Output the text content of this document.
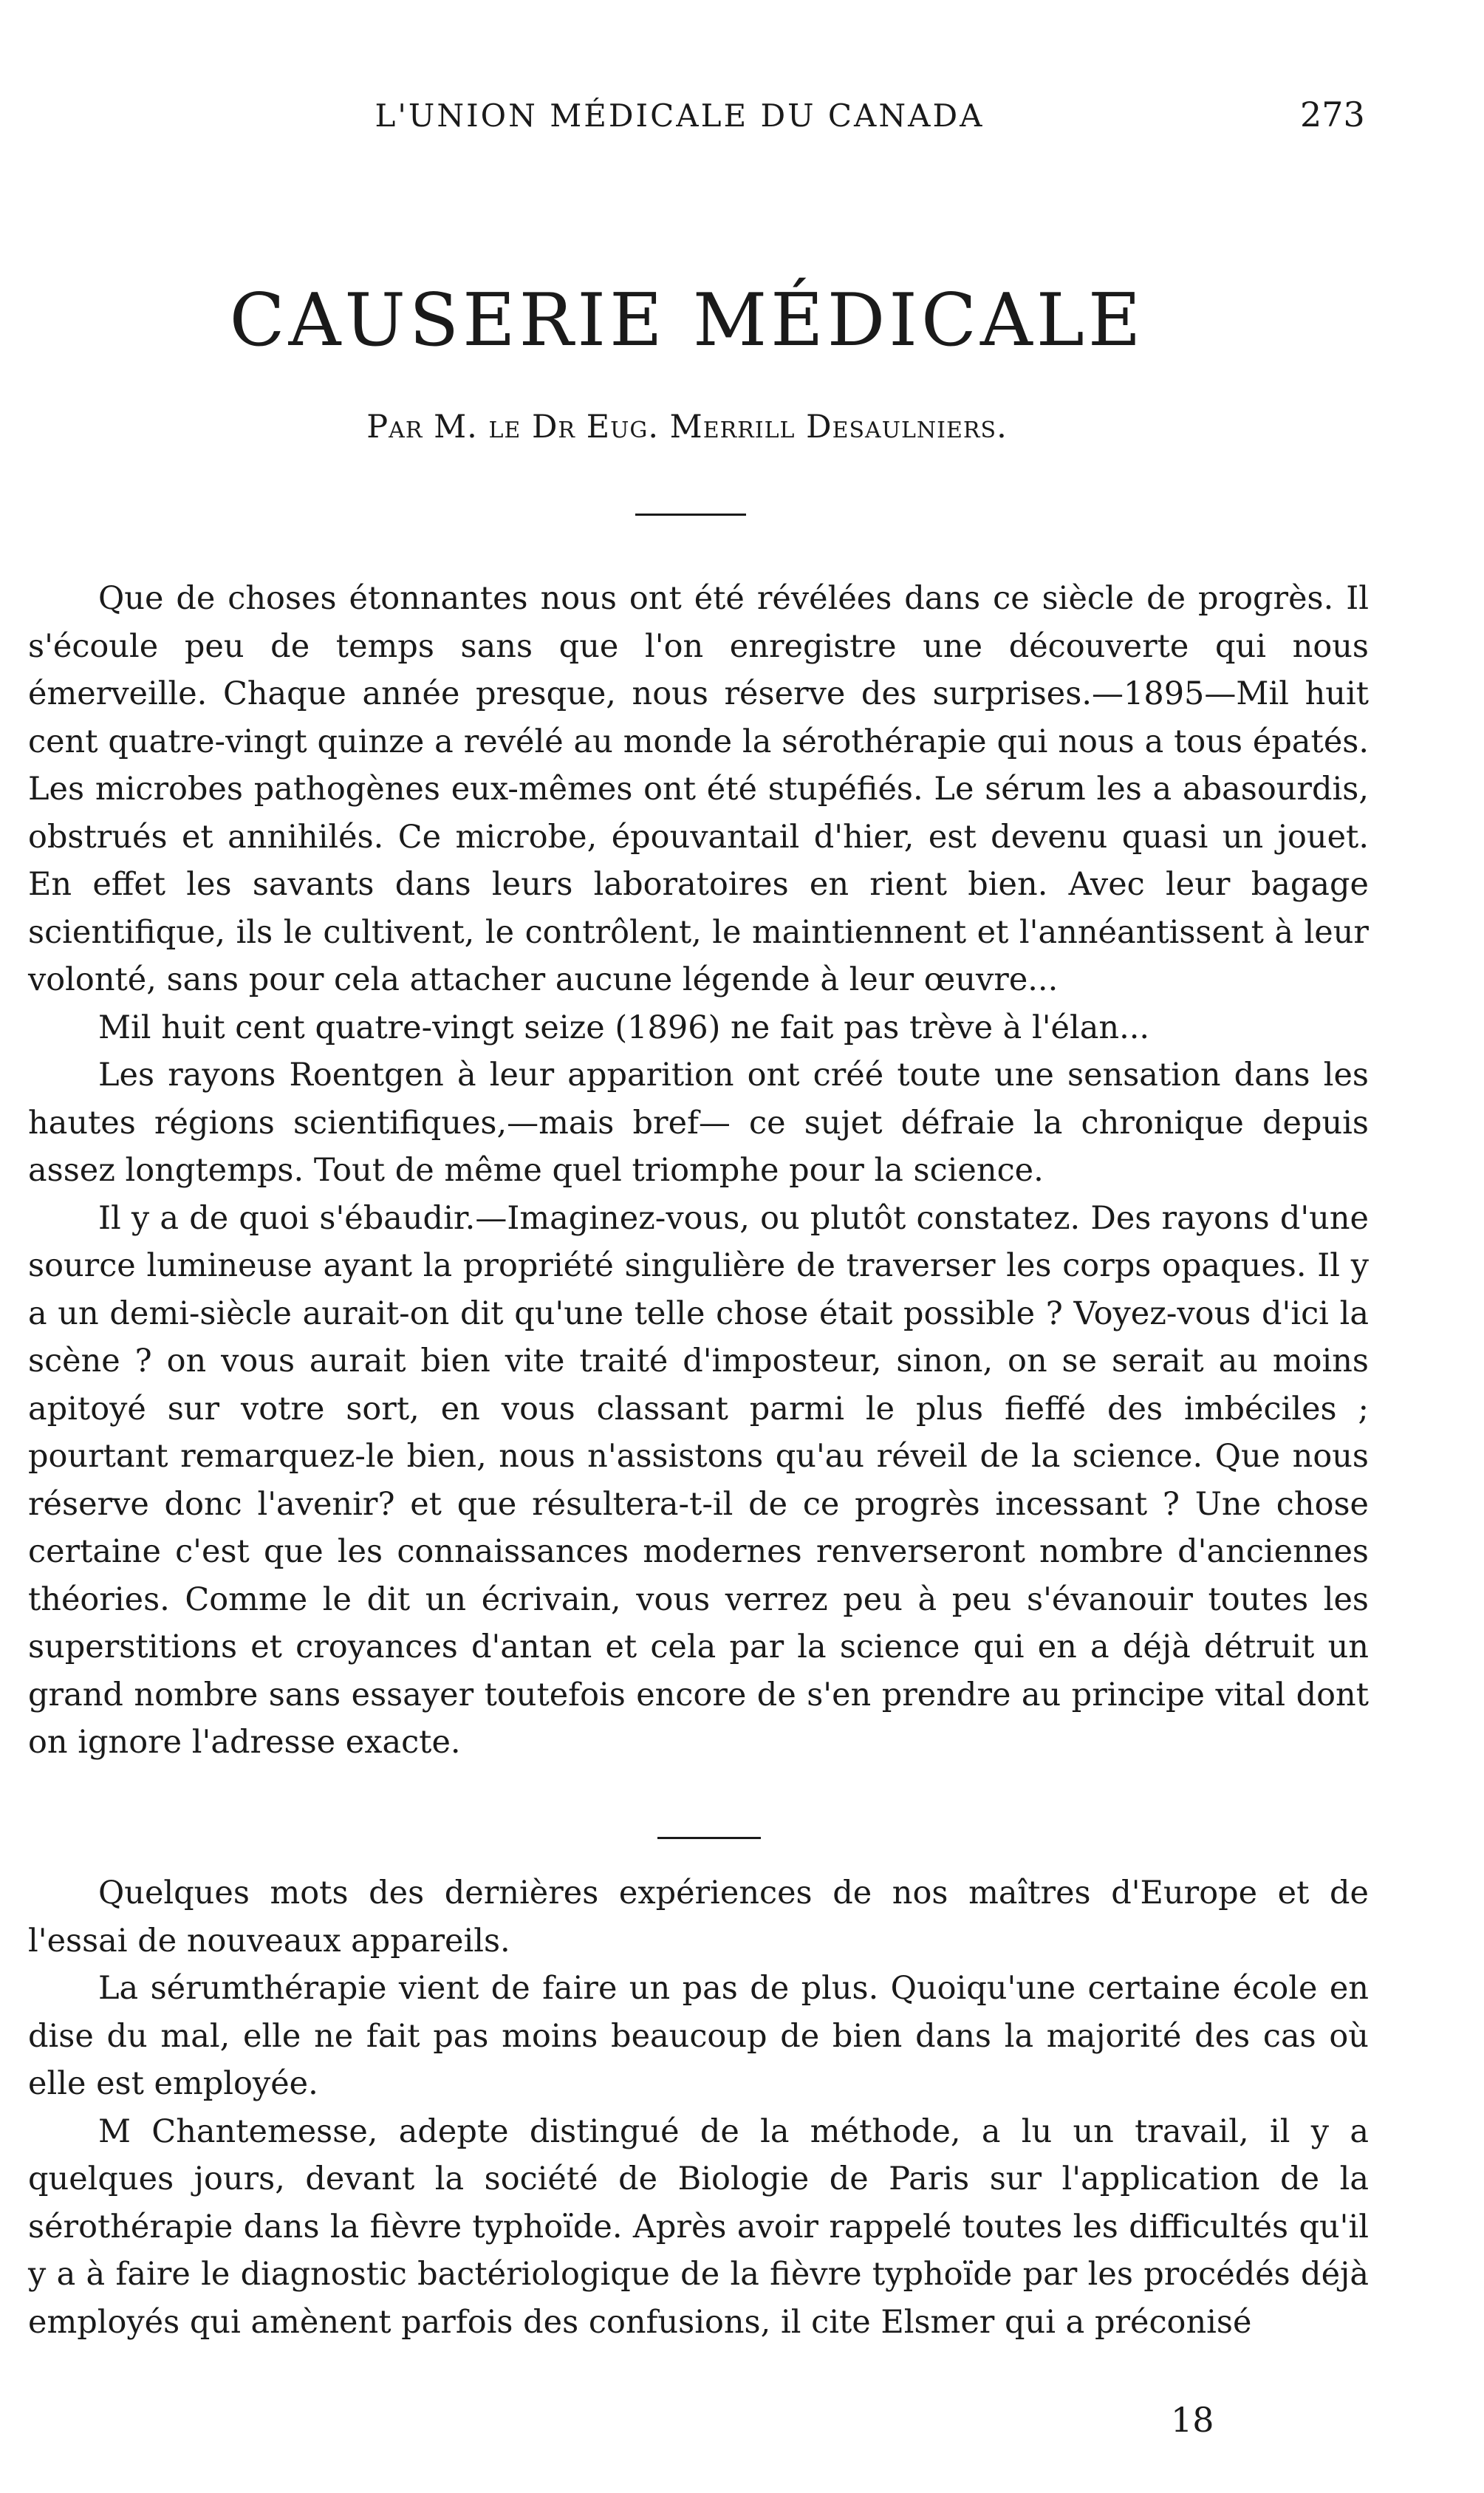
L'UNION MÉDICALE DU CANADA	273
CAUSERIE MÉDICALE
Par M. le Dr Eug. Merrill Desaulniers.

Que de choses étonnantes nous ont été révélées dans ce siècle de progrès. Il s'écoule peu de temps sans que l'on enregistre une découverte qui nous émerveille. Chaque année presque, nous réserve des surprises.—1895—Mil huit cent quatre-vingt quinze a revélé au monde la sérothérapie qui nous a tous épatés. Les microbes pathogènes eux-mêmes ont été stupéfiés. Le sérum les a abasourdis, obstrués et annihilés. Ce microbe, épouvantail d'hier, est devenu quasi un jouet. En effet les savants dans leurs laboratoires en rient bien. Avec leur bagage scientifique, ils le cultivent, le contrôlent, le maintiennent et l'annéantissent à leur volonté, sans pour cela attacher aucune légende à leur œuvre...

Mil huit cent quatre-vingt seize (1896) ne fait pas trève à l'élan...

Les rayons Roentgen à leur apparition ont créé toute une sensation dans les hautes régions scientifiques,—mais bref— ce sujet défraie la chronique depuis assez longtemps. Tout de même quel triomphe pour la science.

Il y a de quoi s'ébaudir.—Imaginez-vous, ou plutôt constatez. Des rayons d'une source lumineuse ayant la propriété singulière de traverser les corps opaques. Il y a un demi-siècle aurait-on dit qu'une telle chose était possible ? Voyez-vous d'ici la scène ? on vous aurait bien vite traité d'imposteur, sinon, on se serait au moins apitoyé sur votre sort, en vous classant parmi le plus fieffé des imbéciles ; pourtant remarquez-le bien, nous n'assistons qu'au réveil de la science. Que nous réserve donc l'avenir? et que résultera-t-il de ce progrès incessant ? Une chose certaine c'est que les connaissances modernes renverseront nombre d'anciennes théories. Comme le dit un écrivain, vous verrez peu à peu s'évanouir toutes les superstitions et croyances d'antan et cela par la science qui en a déjà détruit un grand nombre sans essayer toutefois encore de s'en prendre au principe vital dont on ignore l'adresse exacte.

Quelques mots des dernières expériences de nos maîtres d'Europe et de l'essai de nouveaux appareils.

La sérumthérapie vient de faire un pas de plus. Quoiqu'une certaine école en dise du mal, elle ne fait pas moins beaucoup de bien dans la majorité des cas où elle est employée.

M Chantemesse, adepte distingué de la méthode, a lu un travail, il y a quelques jours, devant la société de Biologie de Paris sur l'application de la sérothérapie dans la fièvre typhoïde. Après avoir rappelé toutes les difficultés qu'il y a à faire le diagnostic bactériologique de la fièvre typhoïde par les procédés déjà employés qui amènent parfois des confusions, il cite Elsmer qui a préconisé

18
